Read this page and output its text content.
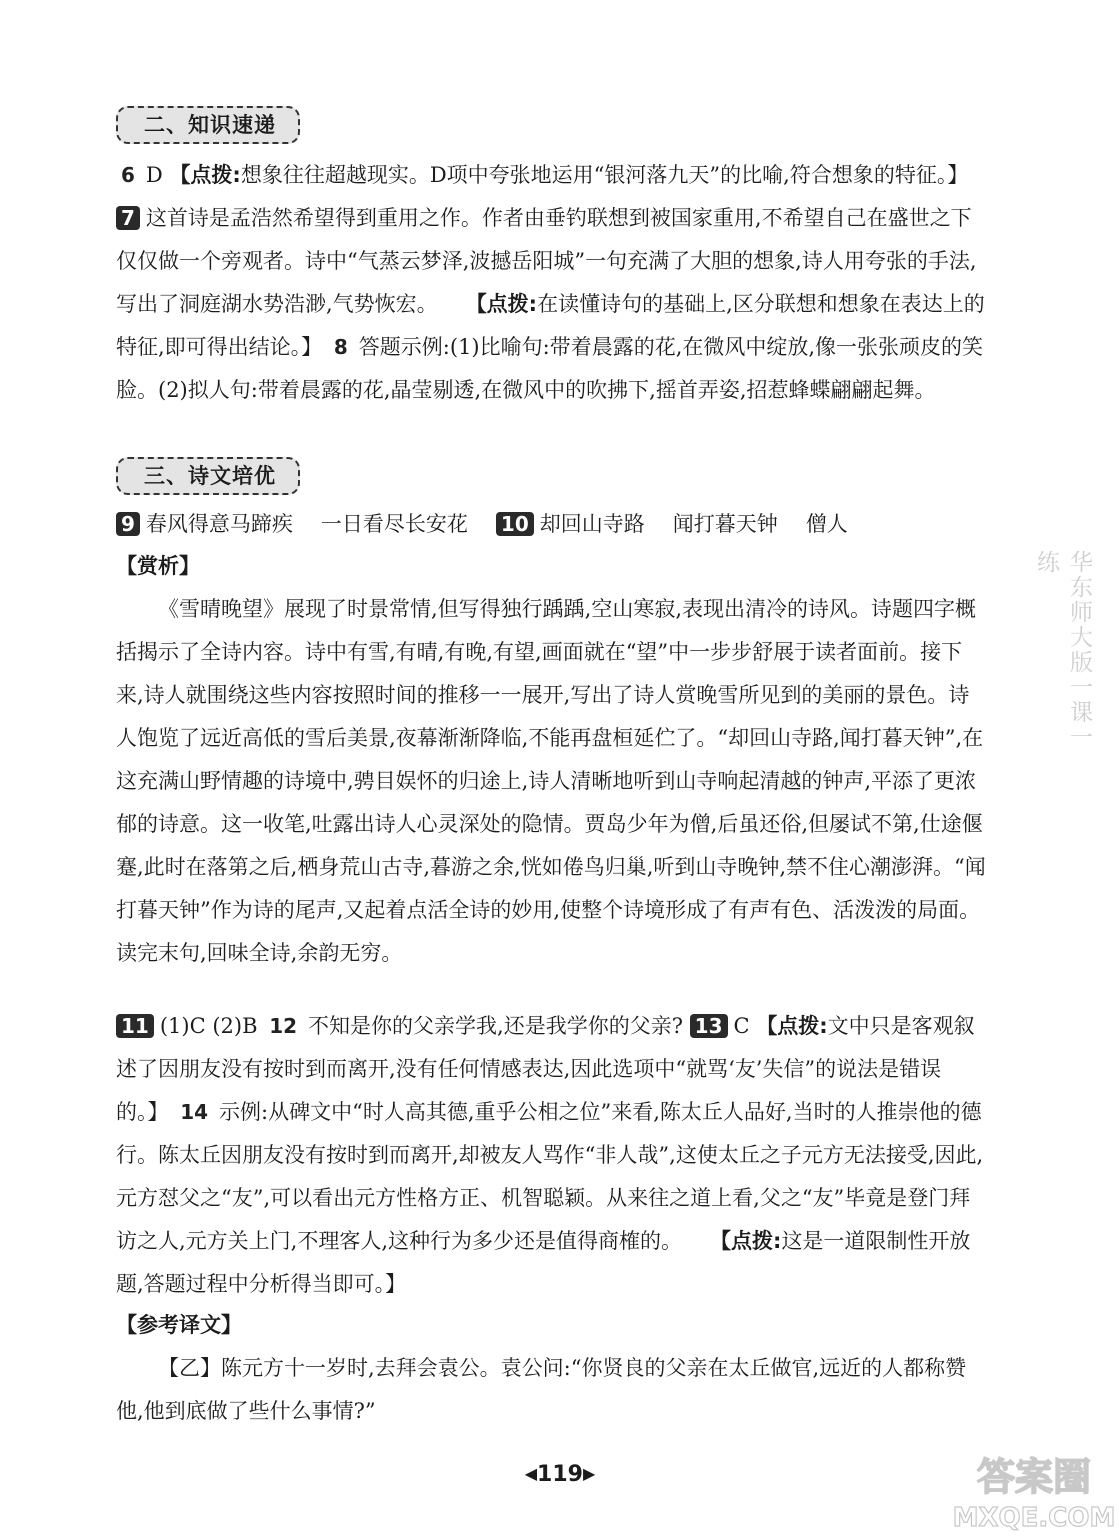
二、知识速递

6 D 【点拨:想象往往超越现实。D项中夸张地运用“银河落九天”的比喻,符合想象的特征。】 7 这首诗是孟浩然希望得到重用之作。作者由垂钓联想到被国家重用,不希望自己在盛世之下仅仅做一个旁观者。诗中“气蒸云梦泽,波撼岳阳城”一句充满了大胆的想象,诗人用夸张的手法,写出了洞庭湖水势浩渺,气势恢宏。 【点拨:在读懂诗句的基础上,区分联想和想象在表达上的特征,即可得出结论。】 8 答题示例:(1)比喻句:带着晨露的花,在微风中绽放,像一张张顽皮的笑脸。(2)拟人句:带着晨露的花,晶莹剔透,在微风中的吹拂下,摇首弄姿,招惹蜂蝶翩翩起舞。

三、诗文培优

9 春风得意马蹄疾 一日看尽长安花 10 却回山寺路 闻打暮天钟 僧人

【赏析】

《雪晴晚望》展现了时景常情,但写得独行踽踽,空山寒寂,表现出清冷的诗风。诗题四字概括揭示了全诗内容。诗中有雪,有晴,有晚,有望,画面就在“望”中一步步舒展于读者面前。接下来,诗人就围绕这些内容按照时间的推移一一展开,写出了诗人赏晚雪所见到的美丽的景色。诗人饱览了远近高低的雪后美景,夜幕渐渐降临,不能再盘桓延伫了。“却回山寺路,闻打暮天钟”,在这充满山野情趣的诗境中,骋目娱怀的归途上,诗人清晰地听到山寺响起清越的钟声,平添了更浓郁的诗意。这一收笔,吐露出诗人心灵深处的隐情。贾岛少年为僧,后虽还俗,但屡试不第,仕途偃蹇,此时在落第之后,栖身荒山古寺,暮游之余,恍如倦鸟归巢,听到山寺晚钟,禁不住心潮澎湃。“闻打暮天钟”作为诗的尾声,又起着点活全诗的妙用,使整个诗境形成了有声有色、活泼泼的局面。读完末句,回味全诗,余韵无穷。

11 (1)C (2)B 12 不知是你的父亲学我,还是我学你的父亲? 13 C 【点拨:文中只是客观叙述了因朋友没有按时到而离开,没有任何情感表达,因此选项中“就骂‘友’失信”的说法是错误的。】 14 示例:从碑文中“时人高其德,重乎公相之位”来看,陈太丘人品好,当时的人推崇他的德行。陈太丘因朋友没有按时到而离开,却被友人骂作“非人哉”,这使太丘之子元方无法接受,因此,元方怼父之“友”,可以看出元方性格方正、机智聪颖。从来往之道上看,父之“友”毕竟是登门拜访之人,元方关上门,不理客人,这种行为多少还是值得商榷的。 【点拨:这是一道限制性开放题,答题过程中分析得当即可。】

【参考译文】

【乙】陈元方十一岁时,去拜会袁公。袁公问:“你贤良的父亲在太丘做官,远近的人都称赞他,他到底做了些什么事情?”

华东师大版一课一练
◀119▶	答案圈
MXQE.COM
